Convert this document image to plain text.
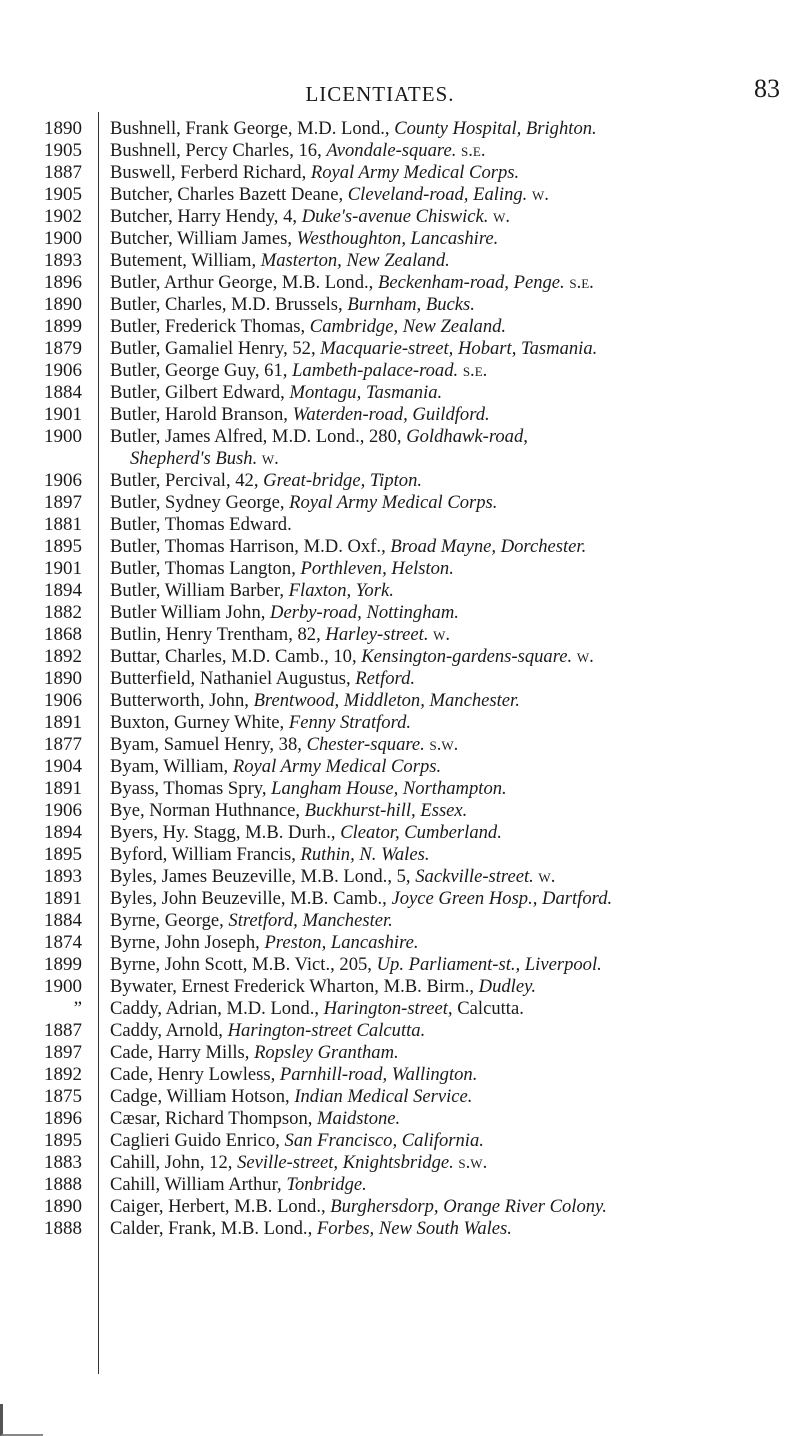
LICENTIATES.	83
1890	Bushnell, Frank George, M.D. Lond., County Hospital, Brighton.
1905	Bushnell, Percy Charles, 16, Avondale-square. s.e.
1887	Buswell, Ferberd Richard, Royal Army Medical Corps.
1905	Butcher, Charles Bazett Deane, Cleveland-road, Ealing. w.
1902	Butcher, Harry Hendy, 4, Duke's-avenue Chiswick. w.
1900	Butcher, William James, Westhoughton, Lancashire.
1893	Butement, William, Masterton, New Zealand.
1896	Butler, Arthur George, M.B. Lond., Beckenham-road, Penge. s.e.
1890	Butler, Charles, M.D. Brussels, Burnham, Bucks.
1899	Butler, Frederick Thomas, Cambridge, New Zealand.
1879	Butler, Gamaliel Henry, 52, Macquarie-street, Hobart, Tasmania.
1906	Butler, George Guy, 61, Lambeth-palace-road. s.e.
1884	Butler, Gilbert Edward, Montagu, Tasmania.
1901	Butler, Harold Branson, Waterden-road, Guildford.
1900	Butler, James Alfred, M.D. Lond., 280, Goldhawk-road,
Shepherd's Bush. w.
1906	Butler, Percival, 42, Great-bridge, Tipton.
1897	Butler, Sydney George, Royal Army Medical Corps.
1881	Butler, Thomas Edward.
1895	Butler, Thomas Harrison, M.D. Oxf., Broad Mayne, Dorchester.
1901	Butler, Thomas Langton, Porthleven, Helston.
1894	Butler, William Barber, Flaxton, York.
1882	Butler William John, Derby-road, Nottingham.
1868	Butlin, Henry Trentham, 82, Harley-street. w.
1892	Buttar, Charles, M.D. Camb., 10, Kensington-gardens-square. w.
1890	Butterfield, Nathaniel Augustus, Retford.
1906	Butterworth, John, Brentwood, Middleton, Manchester.
1891	Buxton, Gurney White, Fenny Stratford.
1877	Byam, Samuel Henry, 38, Chester-square. s.w.
1904	Byam, William, Royal Army Medical Corps.
1891	Byass, Thomas Spry, Langham House, Northampton.
1906	Bye, Norman Huthnance, Buckhurst-hill, Essex.
1894	Byers, Hy. Stagg, M.B. Durh., Cleator, Cumberland.
1895	Byford, William Francis, Ruthin, N. Wales.
1893	Byles, James Beuzeville, M.B. Lond., 5, Sackville-street. w.
1891	Byles, John Beuzeville, M.B. Camb., Joyce Green Hosp., Dartford.
1884	Byrne, George, Stretford, Manchester.
1874	Byrne, John Joseph, Preston, Lancashire.
1899	Byrne, John Scott, M.B. Vict., 205, Up. Parliament-st., Liverpool.
1900	Bywater, Ernest Frederick Wharton, M.B. Birm., Dudley.
”	Caddy, Adrian, M.D. Lond., Harington-street, Calcutta.
1887	Caddy, Arnold, Harington-street Calcutta.
1897	Cade, Harry Mills, Ropsley Grantham.
1892	Cade, Henry Lowless, Parnhill-road, Wallington.
1875	Cadge, William Hotson, Indian Medical Service.
1896	Cæsar, Richard Thompson, Maidstone.
1895	Caglieri Guido Enrico, San Francisco, California.
1883	Cahill, John, 12, Seville-street, Knightsbridge. s.w.
1888	Cahill, William Arthur, Tonbridge.
1890	Caiger, Herbert, M.B. Lond., Burghersdorp, Orange River Colony.
1888	Calder, Frank, M.B. Lond., Forbes, New South Wales.
